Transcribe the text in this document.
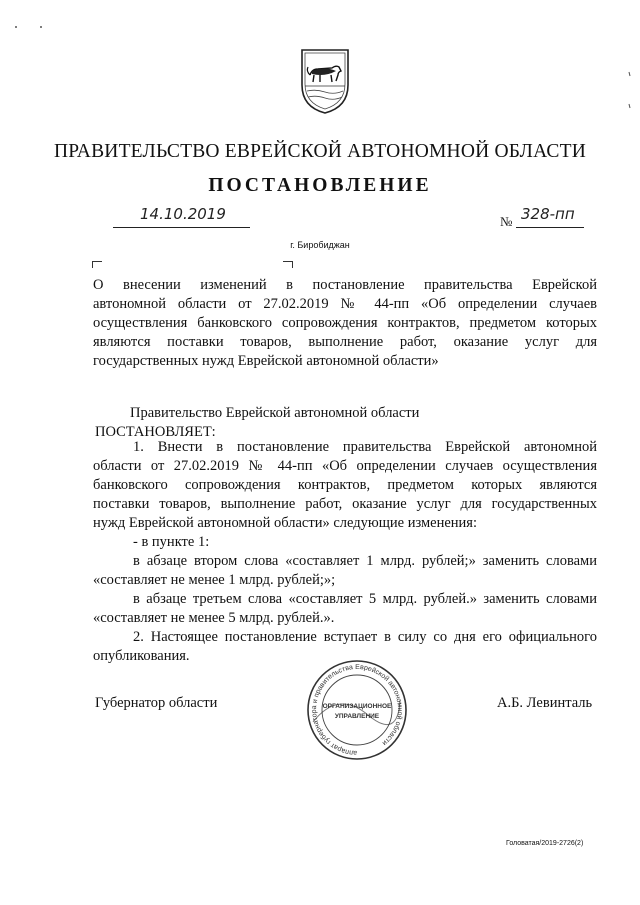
ПРАВИТЕЛЬСТВО ЕВРЕЙСКОЙ АВТОНОМНОЙ ОБЛАСТИ
ПОСТАНОВЛЕНИЕ
14.10.2019	№ 328-пп
г. Биробиджан
О внесении изменений в постановление правительства Еврейской
автономной области от 27.02.2019 № 44-пп «Об определении случаев
осуществления банковского сопровождения контрактов, предметом которых
являются поставки товаров, выполнение работ, оказание услуг для
государственных нужд Еврейской автономной области»
Правительство Еврейской автономной области
ПОСТАНОВЛЯЕТ:
1. Внести в постановление правительства Еврейской автономной
области от 27.02.2019 № 44-пп «Об определении случаев осуществления
банковского сопровождения контрактов, предметом которых являются
поставки товаров, выполнение работ, оказание услуг для государственных
нужд Еврейской автономной области» следующие изменения:
- в пункте 1:
в абзаце втором слова «составляет 1 млрд. рублей;» заменить словами
«составляет не менее 1 млрд. рублей;»;
в абзаце третьем слова «составляет 5 млрд. рублей.» заменить словами
«составляет не менее 5 млрд. рублей.».
2. Настоящее постановление вступает в силу со дня его официального
опубликования.
Губернатор области	А.Б. Левинталь
аппарат губернатора и правительства Еврейской автономной области
ОРГАНИЗАЦИОННОЕ
УПРАВЛЕНИЕ
Головатая/2019-2726(2)
